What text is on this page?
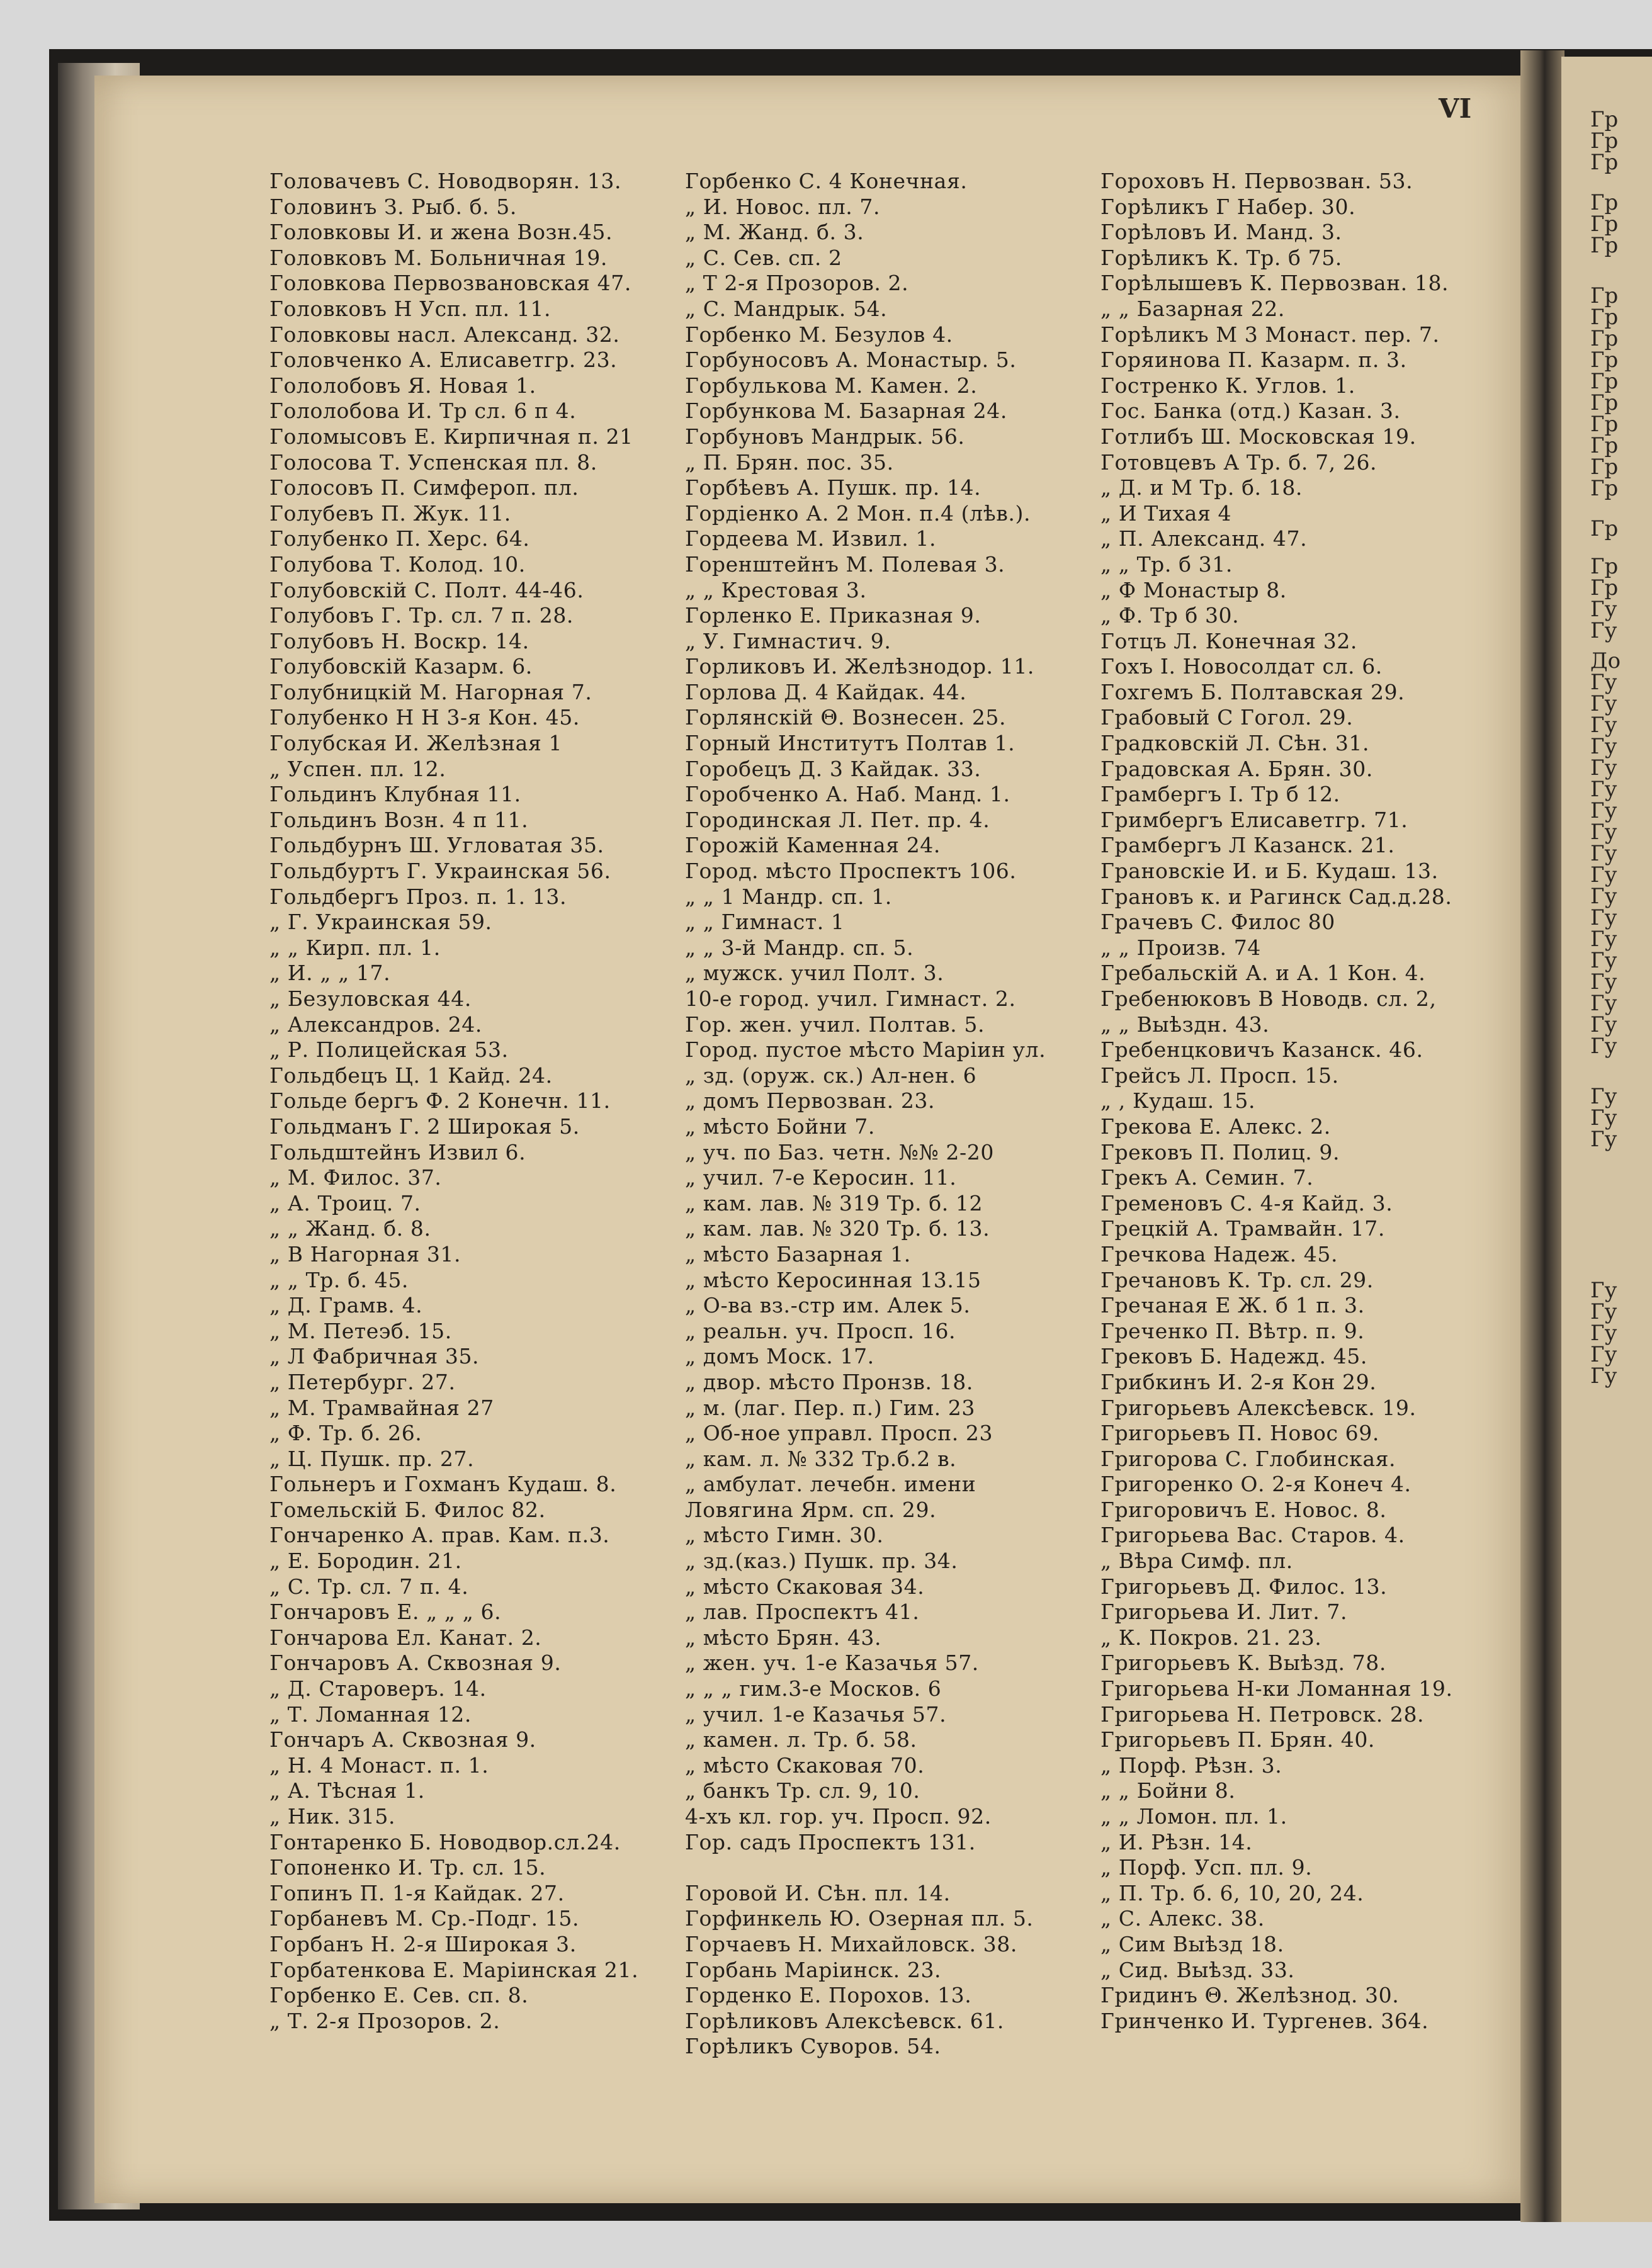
VI
Головачевъ С. Новодворян. 13.
Головинъ З. Рыб. б. 5.
Головковы И. и жена Возн.45.
Головковъ М. Больничная 19.
Головкова Первозвановская 47.
Головковъ Н Усп. пл. 11.
Головковы насл. Александ. 32.
Головченко А. Елисаветгр. 23.
Гололобовъ Я. Новая 1.
Гололобова И. Тр сл. 6 п 4.
Голомысовъ Е. Кирпичная п. 21
Голосова Т. Успенская пл. 8.
Голосовъ П. Симфероп. пл.
Голубевъ П. Жук. 11.
Голубенко П. Херс. 64.
Голубова Т. Колод. 10.
Голубовскій С. Полт. 44-46.
Голубовъ Г. Тр. сл. 7 п. 28.
Голубовъ Н. Воскр. 14.
Голубовскій Казарм. 6.
Голубницкій М. Нагорная 7.
Голубенко Н Н 3-я Кон. 45.
Голубская И. Желѣзная 1
„ Успен. пл. 12.
Гольдинъ Клубная 11.
Гольдинъ Возн. 4 п 11.
Гольдбурнъ Ш. Угловатая 35.
Гольдбуртъ Г. Украинская 56.
Гольдбергъ Проз. п. 1. 13.
„ Г. Украинская 59.
„ „ Кирп. пл. 1.
„ И. „ „ 17.
„ Безуловская 44.
„ Александров. 24.
„ Р. Полицейская 53.
Гольдбецъ Ц. 1 Кайд. 24.
Гольде бергъ Ф. 2 Конечн. 11.
Гольдманъ Г. 2 Широкая 5.
Гольдштейнъ Извил 6.
„ М. Филос. 37.
„ А. Троиц. 7.
„ „ Жанд. б. 8.
„ В Нагорная 31.
„ „ Тр. б. 45.
„ Д. Грамв. 4.
„ М. Петеэб. 15.
„ Л Фабричная 35.
„ Петербург. 27.
„ М. Трамвайная 27
„ Ф. Тр. б. 26.
„ Ц. Пушк. пр. 27.
Гольнеръ и Гохманъ Кудаш. 8.
Гомельскій Б. Филос 82.
Гончаренко А. прав. Кам. п.3.
„ Е. Бородин. 21.
„ С. Тр. сл. 7 п. 4.
Гончаровъ Е. „ „ „ 6.
Гончарова Ел. Канат. 2.
Гончаровъ А. Сквозная 9.
„ Д. Староверъ. 14.
„ Т. Ломанная 12.
Гончаръ А. Сквозная 9.
„ Н. 4 Монаст. п. 1.
„ А. Тѣсная 1.
„ Ник. 315.
Гонтаренко Б. Новодвор.сл.24.
Гопоненко И. Тр. сл. 15.
Гопинъ П. 1-я Кайдак. 27.
Горбаневъ М. Ср.-Подг. 15.
Горбанъ Н. 2-я Широкая 3.
Горбатенкова Е. Маріинская 21.
Горбенко Е. Сев. сп. 8.
„ Т. 2-я Прозоров. 2.
Горбенко С. 4 Конечная.
„ И. Новос. пл. 7.
„ М. Жанд. б. 3.
„ С. Сев. сп. 2
„ Т 2-я Прозоров. 2.
„ С. Мандрык. 54.
Горбенко М. Безулов 4.
Горбуносовъ А. Монастыр. 5.
Горбулькова М. Камен. 2.
Горбункова М. Базарная 24.
Горбуновъ Мандрык. 56.
„ П. Брян. пос. 35.
Горбѣевъ А. Пушк. пр. 14.
Гордіенко А. 2 Мон. п.4 (лѣв.).
Гордеева М. Извил. 1.
Горенштейнъ М. Полевая 3.
„ „ Крестовая 3.
Горленко Е. Приказная 9.
„ У. Гимнастич. 9.
Горликовъ И. Желѣзнодор. 11.
Горлова Д. 4 Кайдак. 44.
Горлянскій Θ. Вознесен. 25.
Горный Институтъ Полтав 1.
Горобецъ Д. 3 Кайдак. 33.
Горобченко А. Наб. Манд. 1.
Городинская Л. Пет. пр. 4.
Горожій Каменная 24.
Город. мѣсто Проспектъ 106.
„ „ 1 Мандр. сп. 1.
„ „ Гимнаст. 1
„ „ 3-й Мандр. сп. 5.
„ мужск. учил Полт. 3.
10-е город. учил. Гимнаст. 2.
Гор. жен. учил. Полтав. 5.
Город. пустое мѣсто Маріин ул.
„ зд. (оруж. ск.) Ал-нен. 6
„ домъ Первозван. 23.
„ мѣсто Бойни 7.
„ уч. по Баз. четн. №№ 2-20
„ учил. 7-е Керосин. 11.
„ кам. лав. № 319 Тр. б. 12
„ кам. лав. № 320 Тр. б. 13.
„ мѣсто Базарная 1.
„ мѣсто Керосинная 13.15
„ О-ва вз.-стр им. Алек 5.
„ реальн. уч. Просп. 16.
„ домъ Моск. 17.
„ двор. мѣсто Пронзв. 18.
„ м. (лаг. Пер. п.) Гим. 23
„ Об-ное управл. Просп. 23
„ кам. л. № 332 Тр.б.2 в.
„ амбулат. лечебн. имени
Ловягина Ярм. сп. 29.
„ мѣсто Гимн. 30.
„ зд.(каз.) Пушк. пр. 34.
„ мѣсто Скаковая 34.
„ лав. Проспектъ 41.
„ мѣсто Брян. 43.
„ жен. уч. 1-е Казачья 57.
„ „ „ гим.3-е Москов. 6
„ учил. 1-е Казачья 57.
„ камен. л. Тр. б. 58.
„ мѣсто Скаковая 70.
„ банкъ Тр. сл. 9, 10.
4-хъ кл. гор. уч. Просп. 92.
Гор. садъ Проспектъ 131.
Горовой И. Сѣн. пл. 14.
Горфинкель Ю. Озерная пл. 5.
Горчаевъ Н. Михайловск. 38.
Горбань Маріинск. 23.
Горденко Е. Порохов. 13.
Горѣликовъ Алексѣевск. 61.
Горѣликъ Суворов. 54.
Гороховъ Н. Первозван. 53.
Горѣликъ Г Набер. 30.
Горѣловъ И. Манд. 3.
Горѣликъ К. Тр. б 75.
Горѣлышевъ К. Первозван. 18.
„ „ Базарная 22.
Горѣликъ М 3 Монаст. пер. 7.
Горяинова П. Казарм. п. 3.
Гостренко К. Углов. 1.
Гос. Банка (отд.) Казан. 3.
Готлибъ Ш. Московская 19.
Готовцевъ А Тр. б. 7, 26.
„ Д. и М Тр. б. 18.
„ И Тихая 4
„ П. Александ. 47.
„ „ Тр. б 31.
„ Ф Монастыр 8.
„ Ф. Тр б 30.
Готцъ Л. Конечная 32.
Гохъ I. Новосолдат сл. 6.
Гохгемъ Б. Полтавская 29.
Грабовый С Гогол. 29.
Градковскій Л. Сѣн. 31.
Градовская А. Брян. 30.
Грамбергъ I. Тр б 12.
Гримбергъ Елисаветгр. 71.
Грамбергъ Л Казанск. 21.
Грановскіе И. и Б. Кудаш. 13.
Грановъ к. и Рагинск Сад.д.28.
Грачевъ С. Филос 80
„ „ Произв. 74
Гребальскій А. и А. 1 Кон. 4.
Гребенюковъ В Новодв. сл. 2,
„ „ Выѣздн. 43.
Гребенцковичъ Казанск. 46.
Грейсъ Л. Просп. 15.
„ , Кудаш. 15.
Грекова Е. Алекс. 2.
Грековъ П. Полиц. 9.
Грекъ А. Семин. 7.
Гременовъ С. 4-я Кайд. 3.
Грецкій А. Трамвайн. 17.
Гречкова Надеж. 45.
Гречановъ К. Тр. сл. 29.
Гречаная Е Ж. б 1 п. 3.
Греченко П. Вѣтр. п. 9.
Грековъ Б. Надежд. 45.
Грибкинъ И. 2-я Кон 29.
Григорьевъ Алексѣевск. 19.
Григорьевъ П. Новос 69.
Григорова С. Глобинская.
Григоренко О. 2-я Конеч 4.
Григоровичъ Е. Новос. 8.
Григорьева Вас. Старов. 4.
„ Вѣра Симф. пл.
Григорьевъ Д. Филос. 13.
Григорьева И. Лит. 7.
„ К. Покров. 21. 23.
Григорьевъ К. Выѣзд. 78.
Григорьева Н-ки Ломанная 19.
Григорьева Н. Петровск. 28.
Григорьевъ П. Брян. 40.
„ Порф. Рѣзн. 3.
„ „ Бойни 8.
„ „ Ломон. пл. 1.
„ И. Рѣзн. 14.
„ Порф. Усп. пл. 9.
„ П. Тр. б. 6, 10, 20, 24.
„ С. Алекс. 38.
„ Сим Выѣзд 18.
„ Сид. Выѣзд. 33.
Гридинъ Θ. Желѣзнод. 30.
Гринченко И. Тургенев. 364.
Гр
Гр
Гр
Гр
Гр
Гр
Гр
Гр
Гр
Гр
Гр
Гр
Гр
Гр
Гр
Гр
Гр
Гр
Гр
Гу
Гу
До
Гу
Гу
Гу
Гу
Гу
Гу
Гу
Гу
Гу
Гу
Гу
Гу
Гу
Гу
Гу
Гу
Гу
Гу
Гу
Гу
Гу
Гу
Гу
Гу
Гу
Гу
